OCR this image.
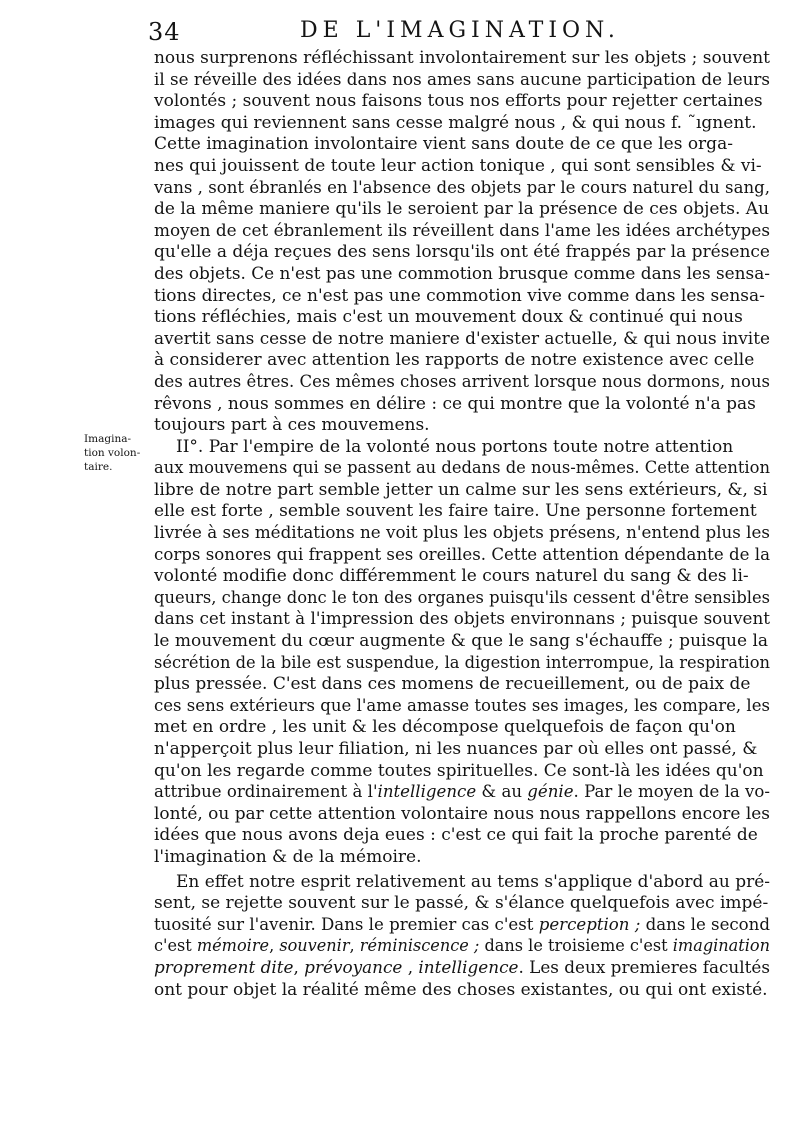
34	DE L'IMAGINATION.
Imagina-
tion volon-
taire.
nous surprenons réfléchissant involontairement sur les objets ; souvent
il se réveille des idées dans nos ames sans aucune participation de leurs
volontés ; souvent nous faisons tous nos efforts pour rejetter certaines
images qui reviennent sans cesse malgré nous , & qui nous f. ˜ıgnent.
Cette imagination involontaire vient sans doute de ce que les orga-
nes qui jouissent de toute leur action tonique , qui sont sensibles & vi-
vans , sont ébranlés en l'absence des objets par le cours naturel du sang,
de la même maniere qu'ils le seroient par la présence de ces objets. Au
moyen de cet ébranlement ils réveillent dans l'ame les idées archétypes
qu'elle a déja reçues des sens lorsqu'ils ont été frappés par la présence
des objets. Ce n'est pas une commotion brusque comme dans les sensa-
tions directes, ce n'est pas une commotion vive comme dans les sensa-
tions réfléchies, mais c'est un mouvement doux & continué qui nous
avertit sans cesse de notre maniere d'exister actuelle, & qui nous invite
à considerer avec attention les rapports de notre existence avec celle
des autres êtres. Ces mêmes choses arrivent lorsque nous dormons, nous
rêvons , nous sommes en délire : ce qui montre que la volonté n'a pas
toujours part à ces mouvemens.
II°. Par l'empire de la volonté nous portons toute notre attention
aux mouvemens qui se passent au dedans de nous-mêmes. Cette attention
libre de notre part semble jetter un calme sur les sens extérieurs, &, si
elle est forte , semble souvent les faire taire. Une personne fortement
livrée à ses méditations ne voit plus les objets présens, n'entend plus les
corps sonores qui frappent ses oreilles. Cette attention dépendante de la
volonté modifie donc différemment le cours naturel du sang & des li-
queurs, change donc le ton des organes puisqu'ils cessent d'être sensibles
dans cet instant à l'impression des objets environnans ; puisque souvent
le mouvement du cœur augmente & que le sang s'échauffe ; puisque la
sécrétion de la bile est suspendue, la digestion interrompue, la respiration
plus pressée. C'est dans ces momens de recueillement, ou de paix de
ces sens extérieurs que l'ame amasse toutes ses images, les compare, les
met en ordre , les unit & les décompose quelquefois de façon qu'on
n'apperçoit plus leur filiation, ni les nuances par où elles ont passé, &
qu'on les regarde comme toutes spirituelles. Ce sont-là les idées qu'on
attribue ordinairement à l'intelligence & au génie. Par le moyen de la vo-
lonté, ou par cette attention volontaire nous nous rappellons encore les
idées que nous avons deja eues : c'est ce qui fait la proche parenté de
l'imagination & de la mémoire.
En effet notre esprit relativement au tems s'applique d'abord au pré-
sent, se rejette souvent sur le passé, & s'élance quelquefois avec impé-
tuosité sur l'avenir. Dans le premier cas c'est perception ; dans le second
c'est mémoire, souvenir, réminiscence ; dans le troisieme c'est imagination
proprement dite, prévoyance , intelligence. Les deux premieres facultés
ont pour objet la réalité même des choses existantes, ou qui ont existé.
